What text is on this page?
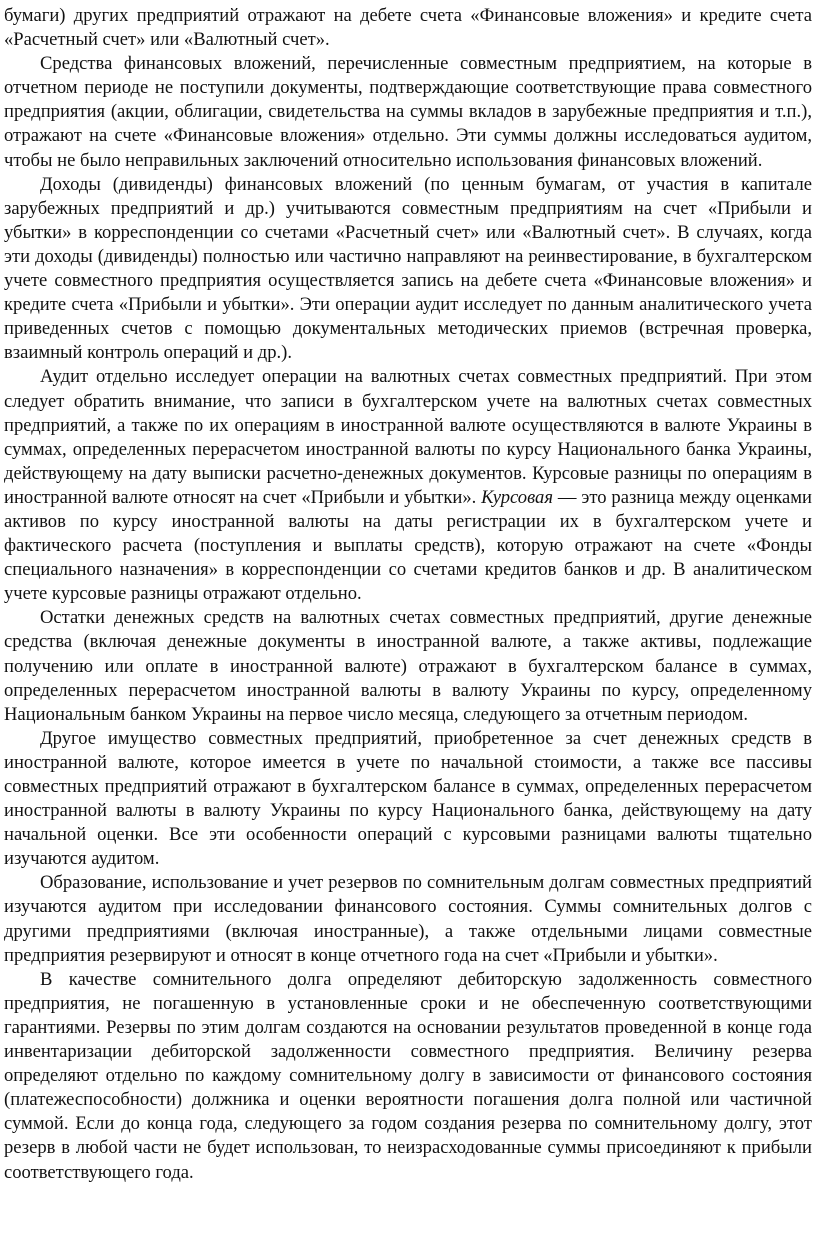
бумаги) других предприятий отражают на дебете счета «Финансовые вложения» и кредите счета «Расчетный счет» или «Валютный счет».

Средства финансовых вложений, перечисленные совместным предприятием, на которые в отчетном периоде не поступили документы, подтверждающие соответствующие права совместного предприятия (акции, облигации, свидетельства на суммы вкладов в зарубежные предприятия и т.п.), отражают на счете «Финансовые вложения» отдельно. Эти суммы должны исследоваться аудитом, чтобы не было неправильных заключений относительно использования финансовых вложений.

Доходы (дивиденды) финансовых вложений (по ценным бумагам, от участия в капитале зарубежных предприятий и др.) учитываются совместным предприятиям на счет «Прибыли и убытки» в корреспонденции со счетами «Расчетный счет» или «Валютный счет». В случаях, когда эти доходы (дивиденды) полностью или частично направляют на реинвестирование, в бухгалтерском учете совместного предприятия осуществляется запись на дебете счета «Финансовые вложения» и кредите счета «Прибыли и убытки». Эти операции аудит исследует по данным аналитического учета приведенных счетов с помощью документальных методических приемов (встречная проверка, взаимный контроль операций и др.).

Аудит отдельно исследует операции на валютных счетах совместных предприятий. При этом следует обратить внимание, что записи в бухгалтерском учете на валютных счетах совместных предприятий, а также по их операциям в иностранной валюте осуществляются в валюте Украины в суммах, определенных перерасчетом иностранной валюты по курсу Национального банка Украины, действующему на дату выписки расчетно-денежных документов. Курсовые разницы по операциям в иностранной валюте относят на счет «Прибыли и убытки». Курсовая — это разница между оценками активов по курсу иностранной валюты на даты регистрации их в бухгалтерском учете и фактического расчета (поступления и выплаты средств), которую отражают на счете «Фонды специального назначения» в корреспонденции со счетами кредитов банков и др. В аналитическом учете курсовые разницы отражают отдельно.

Остатки денежных средств на валютных счетах совместных предприятий, другие денежные средства (включая денежные документы в иностранной валюте, а также активы, подлежащие получению или оплате в иностранной валюте) отражают в бухгалтерском балансе в суммах, определенных перерасчетом иностранной валюты в валюту Украины по курсу, определенному Национальным банком Украины на первое число месяца, следующего за отчетным периодом.

Другое имущество совместных предприятий, приобретенное за счет денежных средств в иностранной валюте, которое имеется в учете по начальной стоимости, а также все пассивы совместных предприятий отражают в бухгалтерском балансе в суммах, определенных перерасчетом иностранной валюты в валюту Украины по курсу Национального банка, действующему на дату начальной оценки. Все эти особенности операций с курсовыми разницами валюты тщательно изучаются аудитом.

Образование, использование и учет резервов по сомнительным долгам совместных предприятий изучаются аудитом при исследовании финансового состояния. Суммы сомнительных долгов с другими предприятиями (включая иностранные), а также отдельными лицами совместные предприятия резервируют и относят в конце отчетного года на счет «Прибыли и убытки».

В качестве сомнительного долга определяют дебиторскую задолженность совместного предприятия, не погашенную в установленные сроки и не обеспеченную соответствующими гарантиями. Резервы по этим долгам создаются на основании результатов проведенной в конце года инвентаризации дебиторской задолженности совместного предприятия. Величину резерва определяют отдельно по каждому сомнительному долгу в зависимости от финансового состояния (платежеспособности) должника и оценки вероятности погашения долга полной или частичной суммой. Если до конца года, следующего за годом создания резерва по сомнительному долгу, этот резерв в любой части не будет использован, то неизрасходованные суммы присоединяют к прибыли соответствующего года.
